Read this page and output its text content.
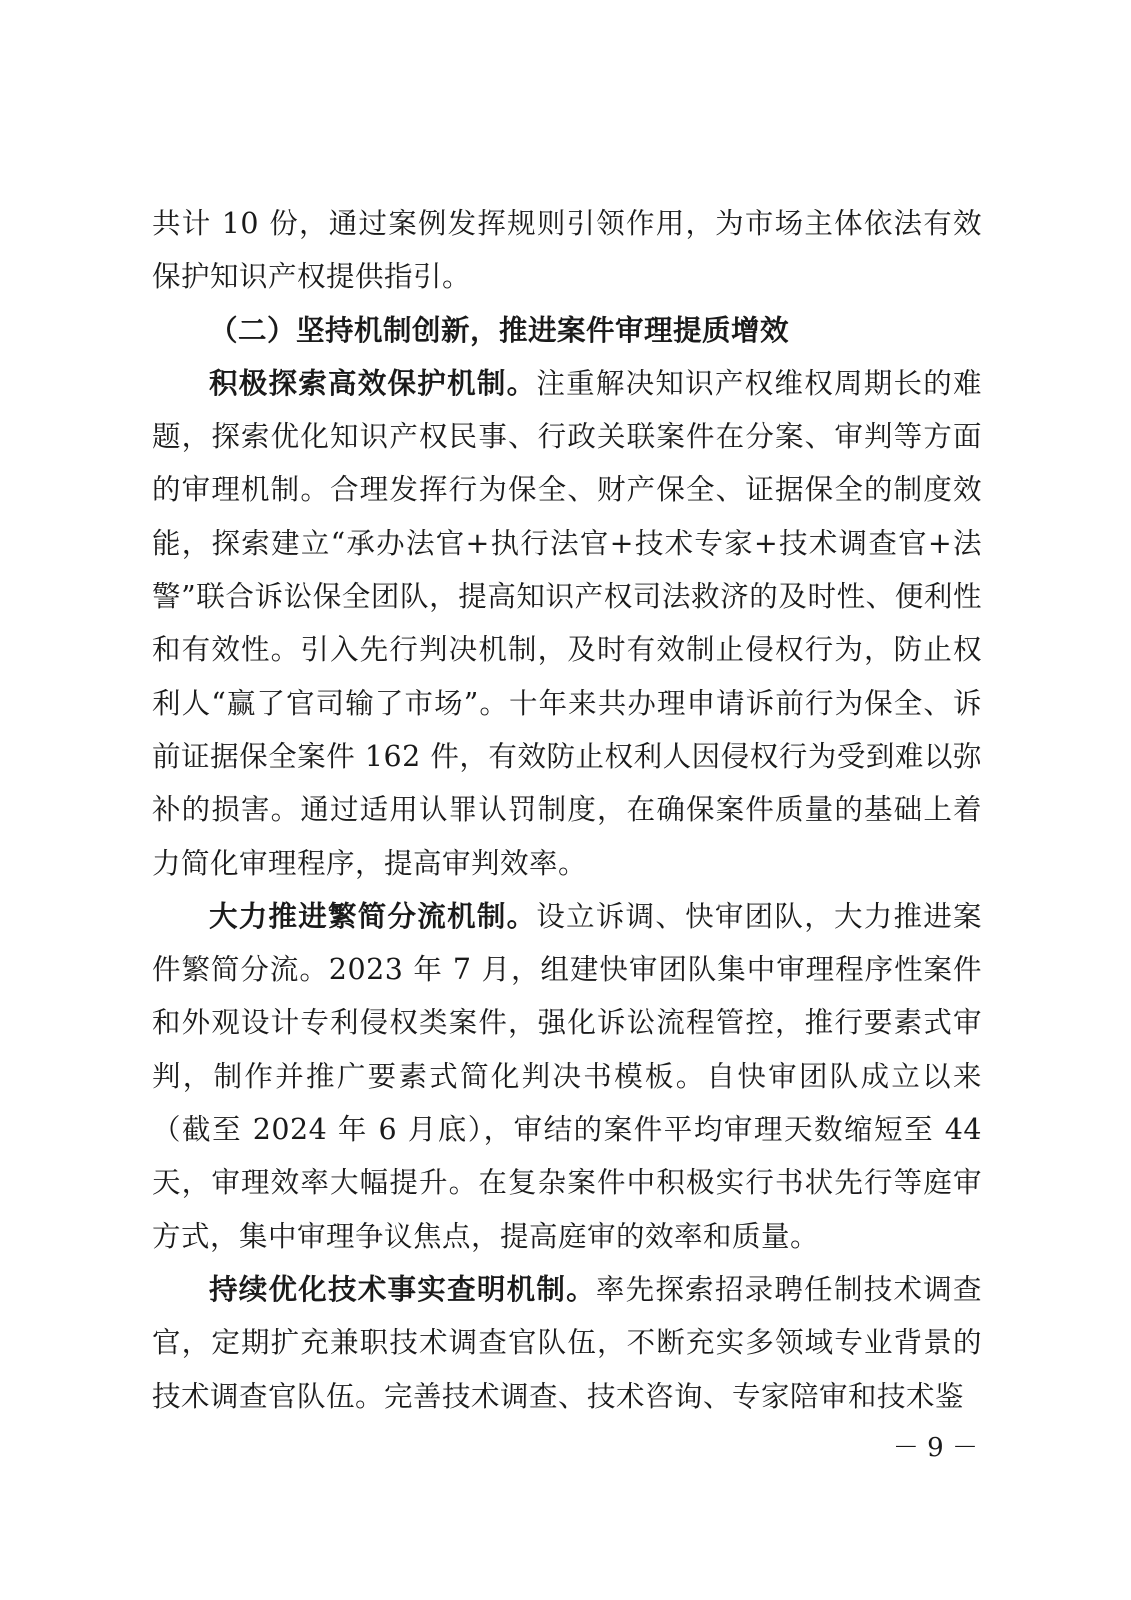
共计 10 份，通过案例发挥规则引领作用，为市场主体依法有效保护知识产权提供指引。

（二）坚持机制创新，推进案件审理提质增效

积极探索高效保护机制。注重解决知识产权维权周期长的难题，探索优化知识产权民事、行政关联案件在分案、审判等方面的审理机制。合理发挥行为保全、财产保全、证据保全的制度效能，探索建立“承办法官+执行法官+技术专家+技术调查官+法警”联合诉讼保全团队，提高知识产权司法救济的及时性、便利性和有效性。引入先行判决机制，及时有效制止侵权行为，防止权利人“赢了官司输了市场”。十年来共办理申请诉前行为保全、诉前证据保全案件 162 件，有效防止权利人因侵权行为受到难以弥补的损害。通过适用认罪认罚制度，在确保案件质量的基础上着力简化审理程序，提高审判效率。

大力推进繁简分流机制。设立诉调、快审团队，大力推进案件繁简分流。2023 年 7 月，组建快审团队集中审理程序性案件和外观设计专利侵权类案件，强化诉讼流程管控，推行要素式审判，制作并推广要素式简化判决书模板。自快审团队成立以来（截至 2024 年 6 月底），审结的案件平均审理天数缩短至 44 天，审理效率大幅提升。在复杂案件中积极实行书状先行等庭审方式，集中审理争议焦点，提高庭审的效率和质量。

持续优化技术事实查明机制。率先探索招录聘任制技术调查官，定期扩充兼职技术调查官队伍，不断充实多领域专业背景的技术调查官队伍。完善技术调查、技术咨询、专家陪审和技术鉴

－ 9 －
